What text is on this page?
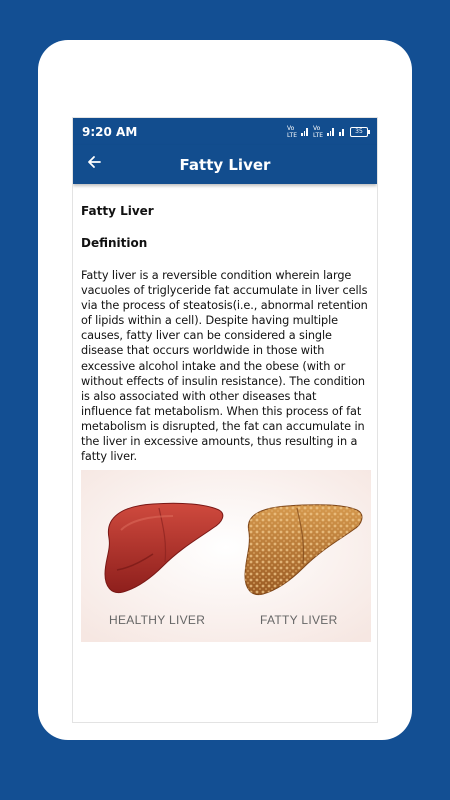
9:20 AM	Vo
LTE
Vo
LTE
35
Fatty Liver

Fatty Liver

Definition

Fatty liver is a reversible condition wherein large vacuoles of triglyceride fat accumulate in liver cells via the process of steatosis(i.e., abnormal retention of lipids within a cell). Despite having multiple causes, fatty liver can be considered a single disease that occurs worldwide in those with excessive alcohol intake and the obese (with or without effects of insulin resistance). The condition is also associated with other diseases that influence fat metabolism. When this process of fat metabolism is disrupted, the fat can accumulate in the liver in excessive amounts, thus resulting in a fatty liver.

HEALTHY LIVER	FATTY LIVER
